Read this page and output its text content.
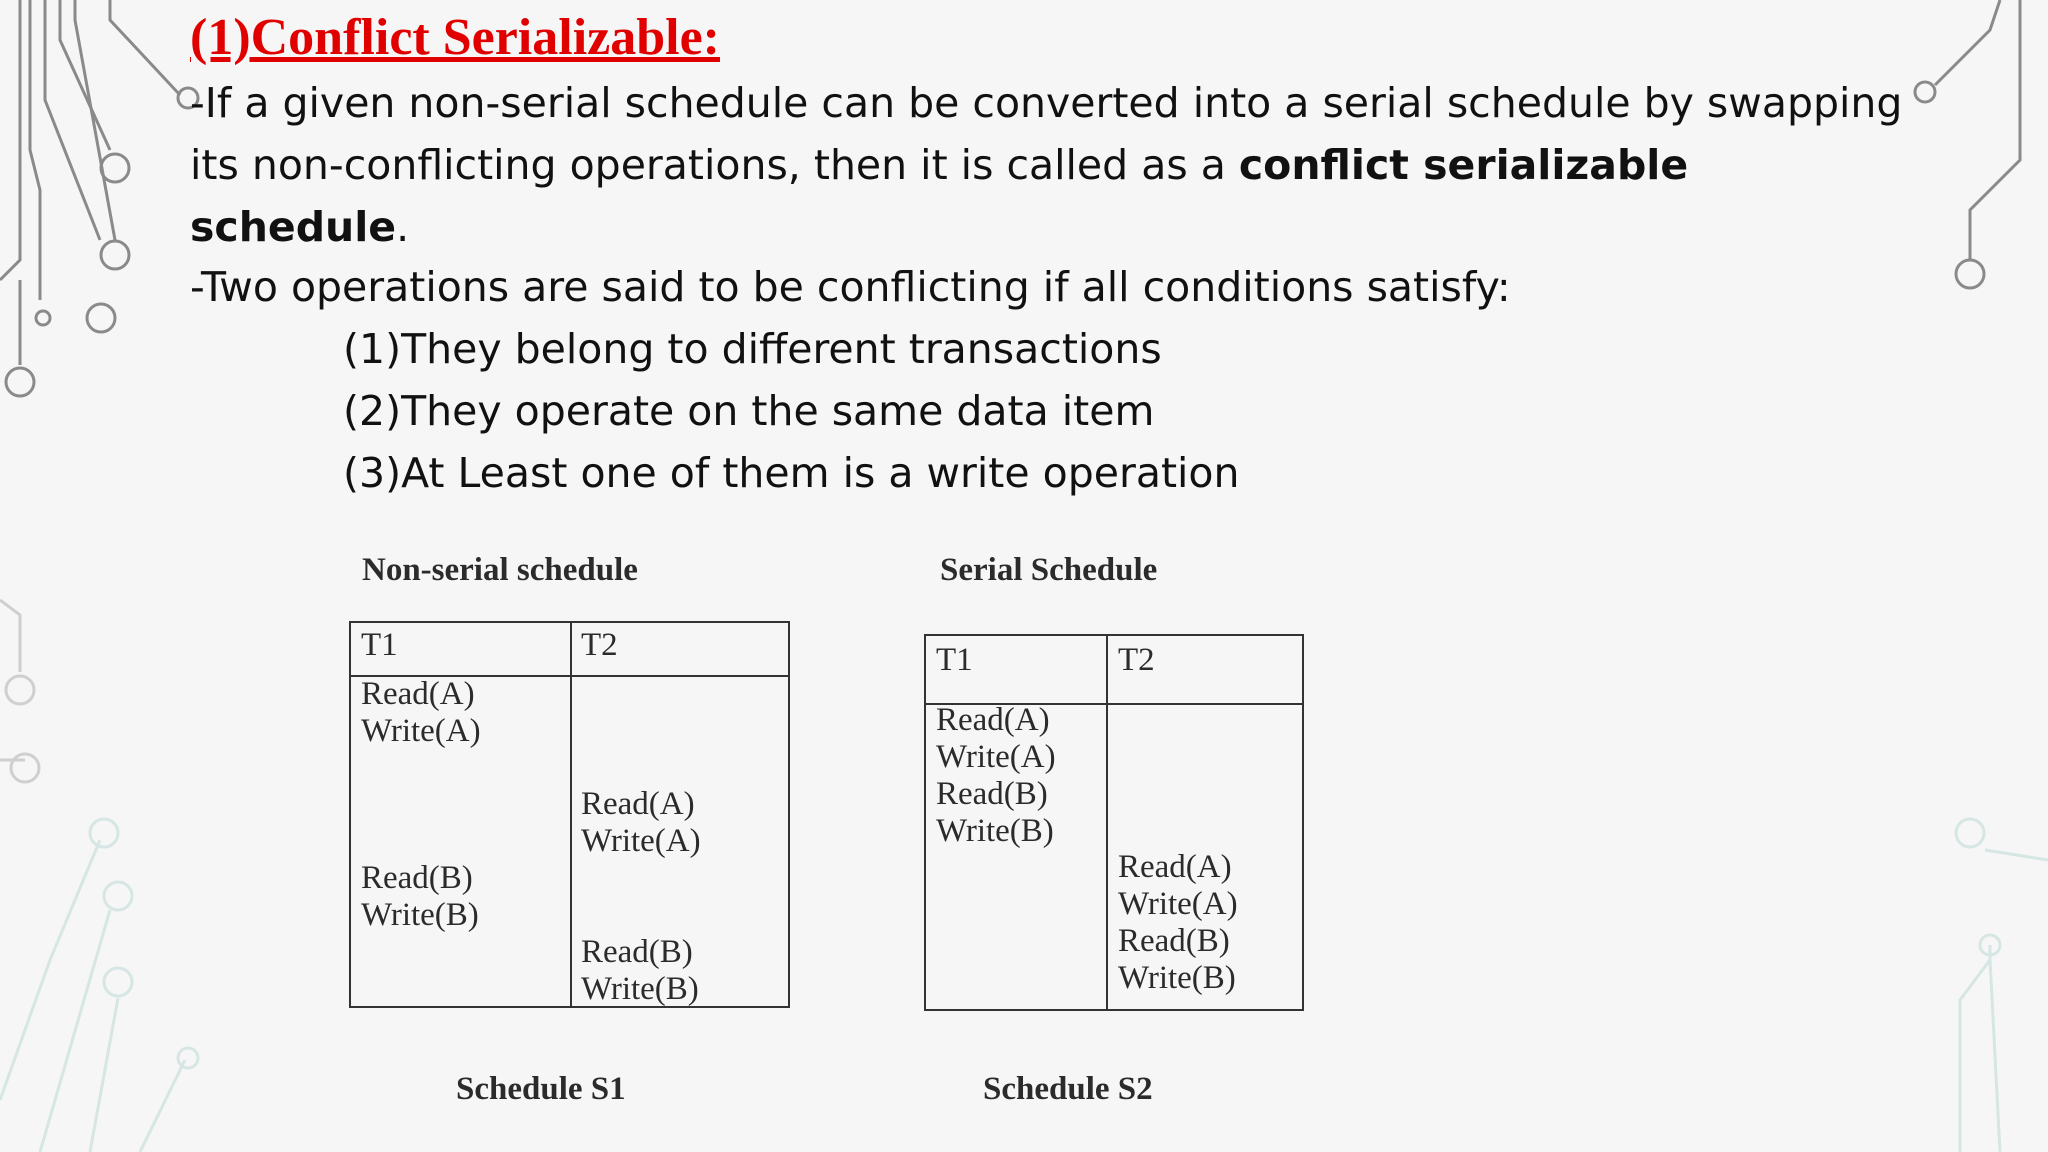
(1)Conflict Serializable:
-If a given non-serial schedule can be converted into a serial schedule by swapping its non-conflicting operations, then it is called as a conflict serializable schedule.
-Two operations are said to be conflicting if all conditions satisfy:
(1)They belong to different transactions
(2)They operate on the same data item
(3)At Least one of them is a write operation
Non-serial schedule
T1	T2
Read(A)
Write(A)
Read(A)
Write(A)
Read(B)
Write(B)
Read(B)
Write(B)
Schedule S1
Serial Schedule
T1	T2
Read(A)
Write(A)
Read(B)
Write(B)
Read(A)
Write(A)
Read(B)
Write(B)
Schedule S2
